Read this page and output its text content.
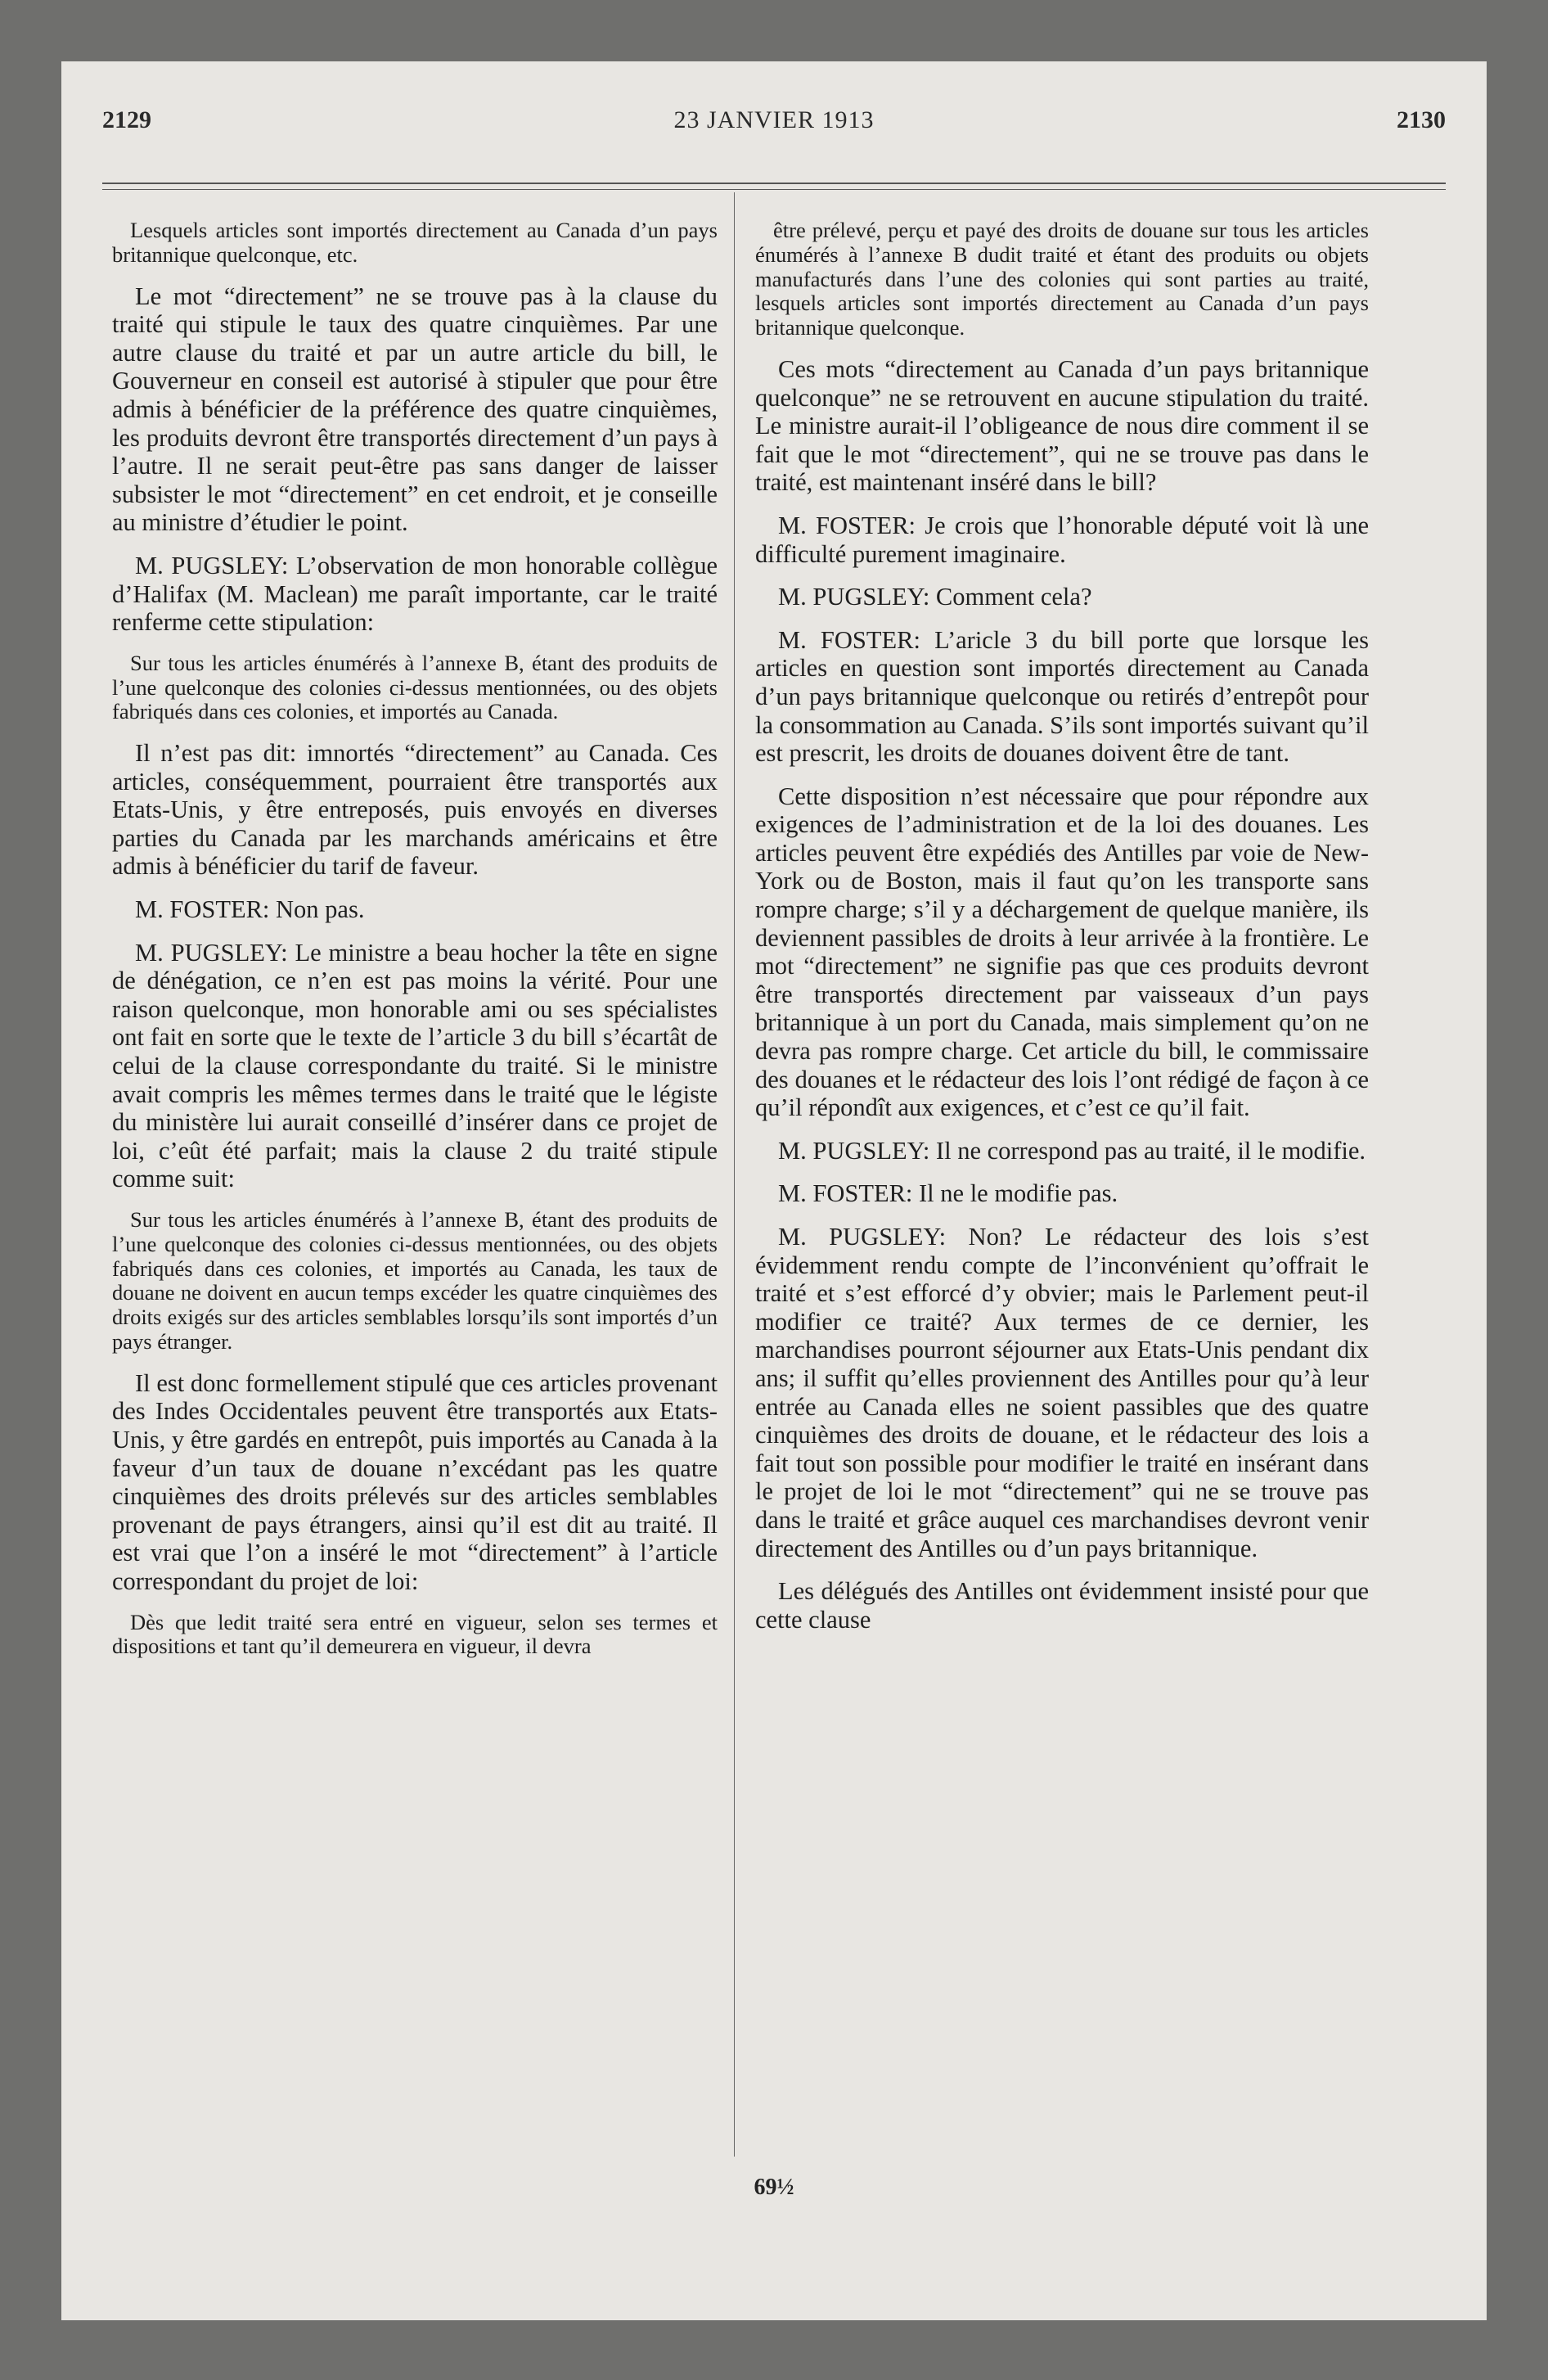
2129	23 JANVIER 1913	2130

Lesquels articles sont importés directement au Canada d’un pays britannique quelconque, etc.

Le mot “directement” ne se trouve pas à la clause du traité qui stipule le taux des quatre cinquièmes. Par une autre clause du traité et par un autre article du bill, le Gouverneur en conseil est autorisé à stipuler que pour être admis à bénéficier de la préférence des quatre cinquièmes, les produits devront être transportés directement d’un pays à l’autre. Il ne serait peut-être pas sans danger de laisser subsister le mot “directement” en cet endroit, et je conseille au ministre d’étudier le point.

M. PUGSLEY: L’observation de mon honorable collègue d’Halifax (M. Maclean) me paraît importante, car le traité renferme cette stipulation:

Sur tous les articles énumérés à l’annexe B, étant des produits de l’une quelconque des colonies ci-dessus mentionnées, ou des objets fabriqués dans ces colonies, et importés au Canada.

Il n’est pas dit: imnortés “directement” au Canada. Ces articles, conséquemment, pourraient être transportés aux Etats-Unis, y être entreposés, puis envoyés en diverses parties du Canada par les marchands américains et être admis à bénéficier du tarif de faveur.

M. FOSTER: Non pas.

M. PUGSLEY: Le ministre a beau hocher la tête en signe de dénégation, ce n’en est pas moins la vérité. Pour une raison quelconque, mon honorable ami ou ses spécialistes ont fait en sorte que le texte de l’article 3 du bill s’écartât de celui de la clause correspondante du traité. Si le ministre avait compris les mêmes termes dans le traité que le légiste du ministère lui aurait conseillé d’insérer dans ce projet de loi, c’eût été parfait; mais la clause 2 du traité stipule comme suit:

Sur tous les articles énumérés à l’annexe B, étant des produits de l’une quelconque des colonies ci-dessus mentionnées, ou des objets fabriqués dans ces colonies, et importés au Canada, les taux de douane ne doivent en aucun temps excéder les quatre cinquièmes des droits exigés sur des articles semblables lorsqu’ils sont importés d’un pays étranger.

Il est donc formellement stipulé que ces articles provenant des Indes Occidentales peuvent être transportés aux Etats-Unis, y être gardés en entrepôt, puis importés au Canada à la faveur d’un taux de douane n’excédant pas les quatre cinquièmes des droits prélevés sur des articles semblables provenant de pays étrangers, ainsi qu’il est dit au traité. Il est vrai que l’on a inséré le mot “directement” à l’article correspondant du projet de loi:

Dès que ledit traité sera entré en vigueur, selon ses termes et dispositions et tant qu’il demeurera en vigueur, il devra

être prélevé, perçu et payé des droits de douane sur tous les articles énumérés à l’annexe B dudit traité et étant des produits ou objets manufacturés dans l’une des colonies qui sont parties au traité, lesquels articles sont importés directement au Canada d’un pays britannique quelconque.

Ces mots “directement au Canada d’un pays britannique quelconque” ne se retrouvent en aucune stipulation du traité. Le ministre aurait-il l’obligeance de nous dire comment il se fait que le mot “directement”, qui ne se trouve pas dans le traité, est maintenant inséré dans le bill?

M. FOSTER: Je crois que l’honorable député voit là une difficulté purement imaginaire.

M. PUGSLEY: Comment cela?

M. FOSTER: L’aricle 3 du bill porte que lorsque les articles en question sont importés directement au Canada d’un pays britannique quelconque ou retirés d’entrepôt pour la consommation au Canada. S’ils sont importés suivant qu’il est prescrit, les droits de douanes doivent être de tant.

Cette disposition n’est nécessaire que pour répondre aux exigences de l’administration et de la loi des douanes. Les articles peuvent être expédiés des Antilles par voie de New-York ou de Boston, mais il faut qu’on les transporte sans rompre charge; s’il y a déchargement de quelque manière, ils deviennent passibles de droits à leur arrivée à la frontière. Le mot “directement” ne signifie pas que ces produits devront être transportés directement par vaisseaux d’un pays britannique à un port du Canada, mais simplement qu’on ne devra pas rompre charge. Cet article du bill, le commissaire des douanes et le rédacteur des lois l’ont rédigé de façon à ce qu’il répondît aux exigences, et c’est ce qu’il fait.

M. PUGSLEY: Il ne correspond pas au traité, il le modifie.

M. FOSTER: Il ne le modifie pas.

M. PUGSLEY: Non? Le rédacteur des lois s’est évidemment rendu compte de l’inconvénient qu’offrait le traité et s’est efforcé d’y obvier; mais le Parlement peut-il modifier ce traité? Aux termes de ce dernier, les marchandises pourront séjourner aux Etats-Unis pendant dix ans; il suffit qu’elles proviennent des Antilles pour qu’à leur entrée au Canada elles ne soient passibles que des quatre cinquièmes des droits de douane, et le rédacteur des lois a fait tout son possible pour modifier le traité en insérant dans le projet de loi le mot “directement” qui ne se trouve pas dans le traité et grâce auquel ces marchandises devront venir directement des Antilles ou d’un pays britannique.

Les délégués des Antilles ont évidemment insisté pour que cette clause

69½
